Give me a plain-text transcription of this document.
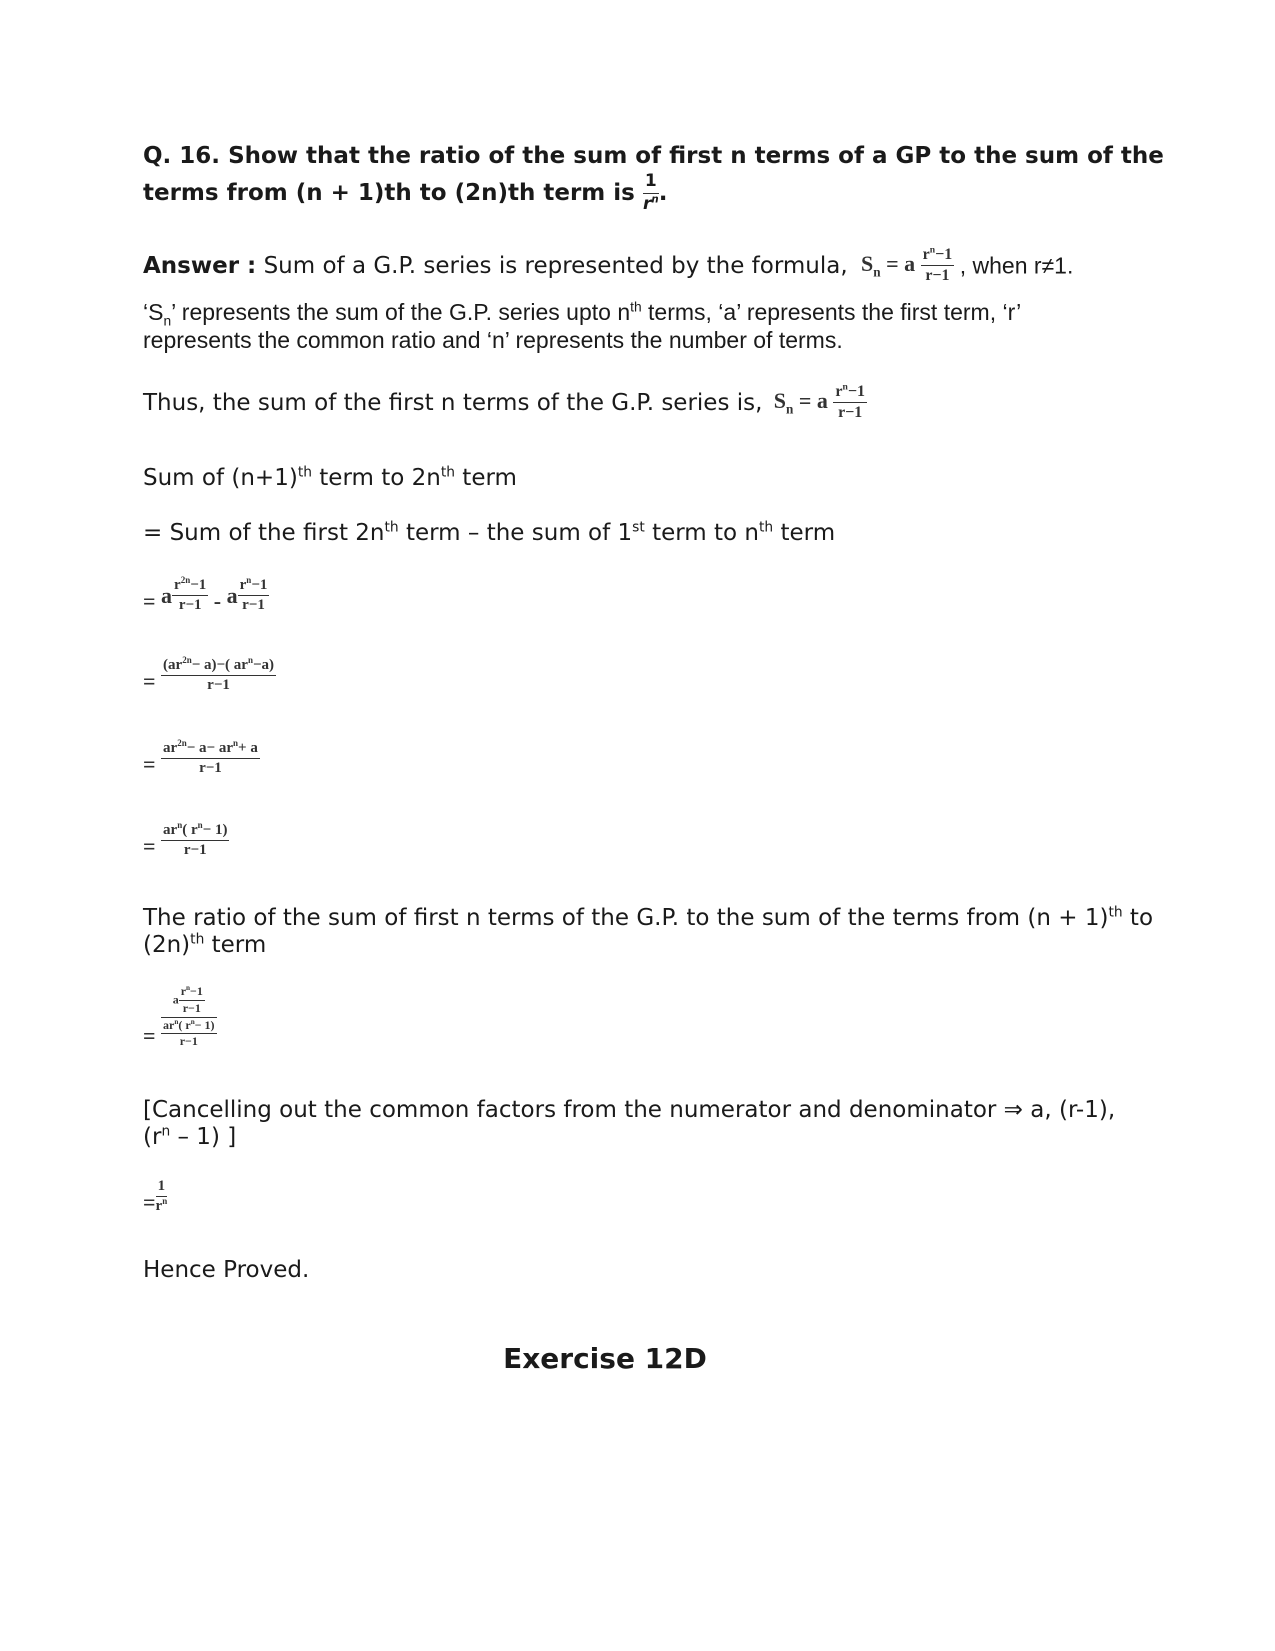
Q. 16. Show that the ratio of the sum of first n terms of a GP to the sum of the
terms from (n + 1)th to (2n)th term is $\frac{1}{r^n}$ .
Answer : Sum of a G.P. series is represented by the formula, $S_n = a \frac{r^n-1}{r-1}$ , when r≠1.
‘$S_n$’ represents the sum of the G.P. series upto $n^{th}$ terms, ‘a’ represents the first term, ‘r’
represents the common ratio and ‘n’ represents the number of terms.
Thus, the sum of the first n terms of the G.P. series is, $S_n = a \frac{r^n-1}{r-1}$
Sum of $(n+1)^{th}$ term to $2n^{th}$ term
= Sum of the first $2n^{th}$ term – the sum of 1st term to $n^{th}$ term
= a $\frac{r^{2n}-1}{r-1}$ - a $\frac{r^n-1}{r-1}$
= $\frac{(ar^{2n}- a)-( ar^n-a)}{r-1}$
= $\frac{ar^{2n}- a- ar^n+ a}{r-1}$
= $\frac{ar^n( r^n- 1)}{r-1}$
The ratio of the sum of first n terms of the G.P. to the sum of the terms from $(n + 1)^{th}$ to
$(2n)^{th}$ term
= a $\frac{r^n-1}{r-1}$
$ar^n$( $r^n- 1$)
r−1
[Cancelling out the common factors from the numerator and denominator ⇒ a, (r-1),
$(r^n - 1)$ ]
= $\frac{1}{r^n}$
Hence Proved.
Exercise 12D
